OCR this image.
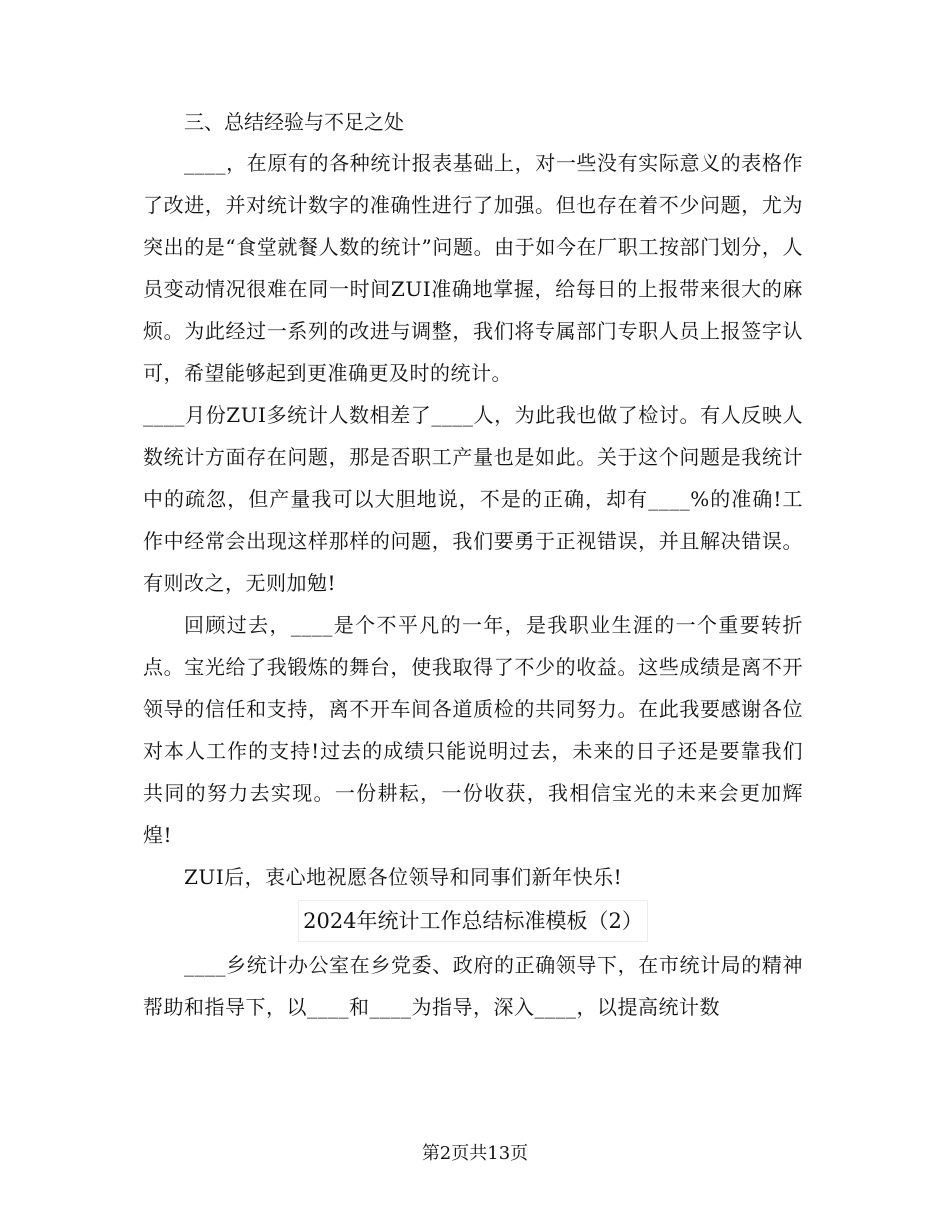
三、总结经验与不足之处

____，在原有的各种统计报表基础上，对一些没有实际意义的表格作了改进，并对统计数字的准确性进行了加强。但也存在着不少问题，尤为突出的是“食堂就餐人数的统计”问题。由于如今在厂职工按部门划分，人员变动情况很难在同一时间ZUI准确地掌握，给每日的上报带来很大的麻烦。为此经过一系列的改进与调整，我们将专属部门专职人员上报签字认可，希望能够起到更准确更及时的统计。

____月份ZUI多统计人数相差了____人，为此我也做了检讨。有人反映人数统计方面存在问题，那是否职工产量也是如此。关于这个问题是我统计中的疏忽，但产量我可以大胆地说，不是的正确，却有____%的准确!工作中经常会出现这样那样的问题，我们要勇于正视错误，并且解决错误。有则改之，无则加勉!

回顾过去，____是个不平凡的一年，是我职业生涯的一个重要转折点。宝光给了我锻炼的舞台，使我取得了不少的收益。这些成绩是离不开领导的信任和支持，离不开车间各道质检的共同努力。在此我要感谢各位对本人工作的支持!过去的成绩只能说明过去，未来的日子还是要靠我们共同的努力去实现。一份耕耘，一份收获，我相信宝光的未来会更加辉煌!

ZUI后，衷心地祝愿各位领导和同事们新年快乐!

2024年统计工作总结标准模板（2）

____乡统计办公室在乡党委、政府的正确领导下，在市统计局的精神帮助和指导下，以____和____为指导，深入____，以提高统计数

第2页共13页
